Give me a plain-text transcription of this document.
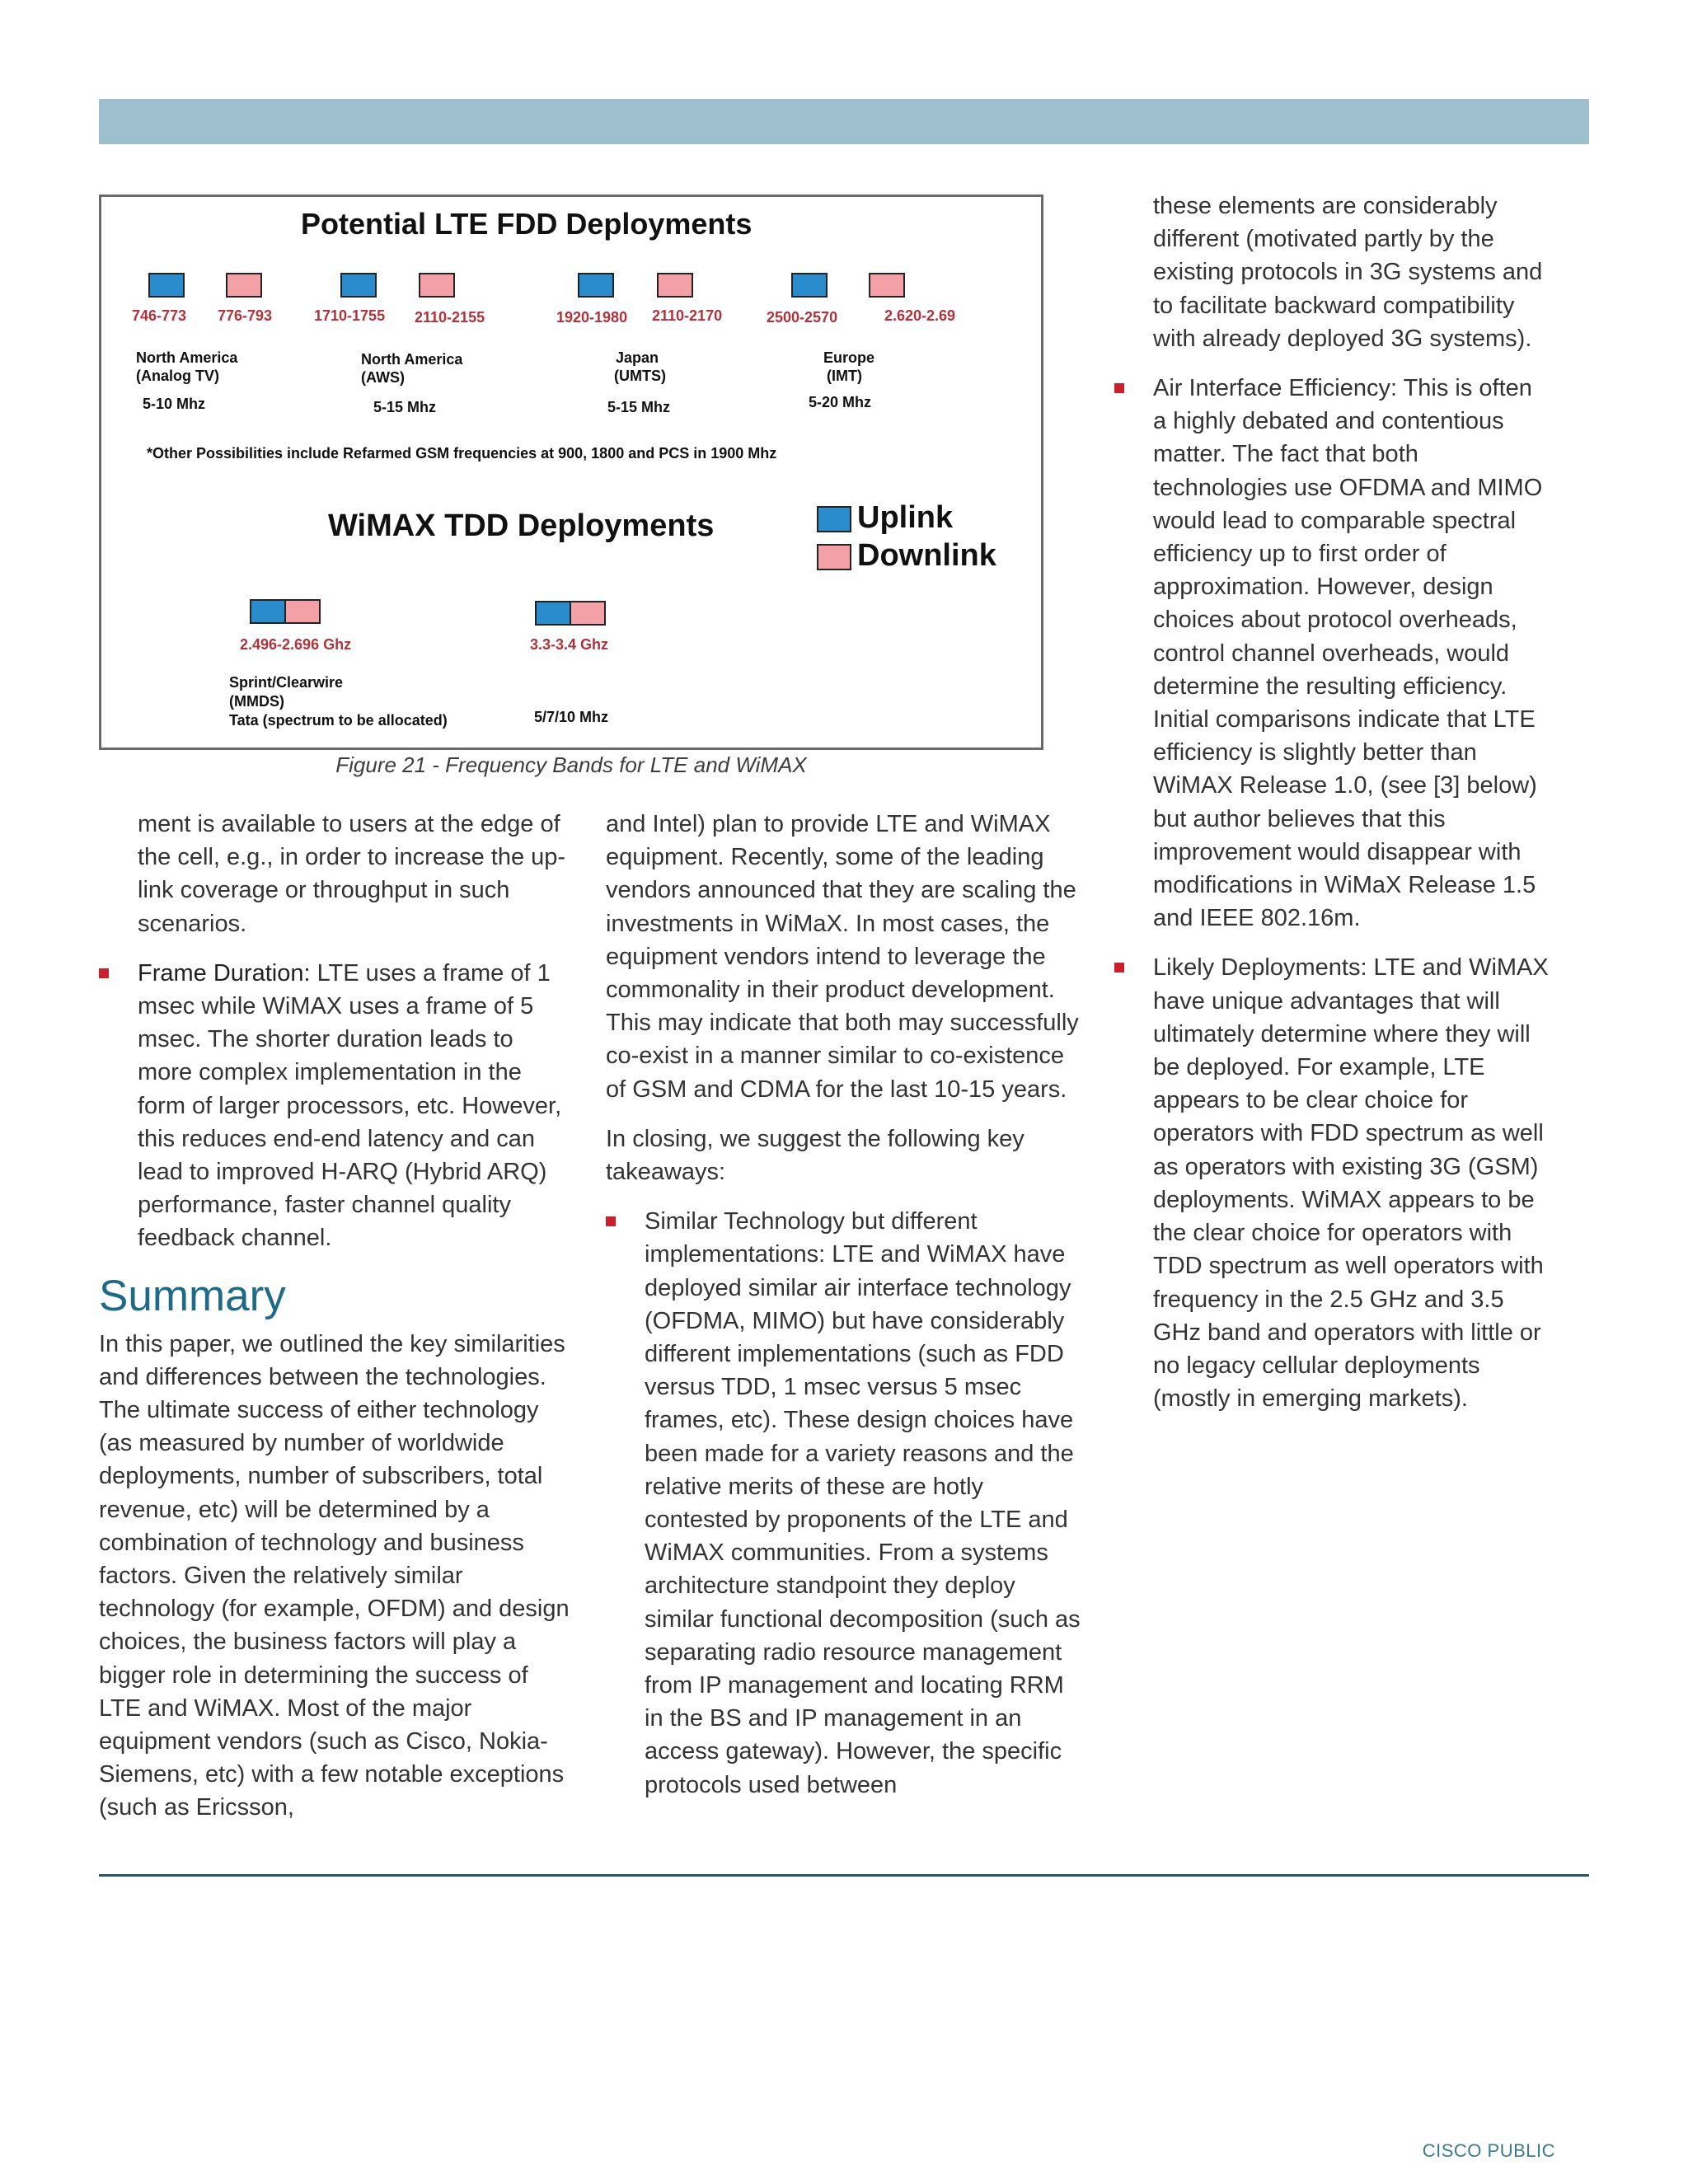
Potential LTE FDD Deployments
746-773 776-793
North America
(Analog TV)
5-10 Mhz
1710-1755 2110-2155
North America
(AWS)
5-15 Mhz
1920-1980 2110-2170
Japan
(UMTS)
5-15 Mhz
2500-2570	2.620-2.69
Europe
(IMT)
5-20 Mhz
*Other Possibilities include Refarmed GSM frequencies at 900, 1800 and PCS in 1900 Mhz
WiMAX TDD Deployments	Uplink
Downlink
2.496-2.696 Ghz
Sprint/Clearwire
(MMDS)
Tata (spectrum to be allocated)
3.3-3.4 Ghz
5/7/10 Mhz
Figure 21 - Frequency Bands for LTE and WiMAX

ment is available to users at the edge of the cell, e.g., in order to increase the up-link coverage or throughput in such scenarios.

Frame Duration: LTE uses a frame of 1 msec while WiMAX uses a frame of 5 msec. The shorter duration leads to more complex implementation in the form of larger processors, etc. However, this reduces end-end latency and can lead to improved H-ARQ (Hybrid ARQ) performance, faster channel quality feedback channel.
Summary

In this paper, we outlined the key similarities and differences between the technologies. The ultimate success of either technology (as measured by number of worldwide deployments, number of subscribers, total revenue, etc) will be determined by a combination of technology and business factors. Given the relatively similar technology (for example, OFDM) and design choices, the business factors will play a bigger role in determining the success of LTE and WiMAX. Most of the major equipment vendors (such as Cisco, Nokia-Siemens, etc) with a few notable exceptions (such as Ericsson,

and Intel) plan to provide LTE and WiMAX equipment. Recently, some of the leading vendors announced that they are scaling the investments in WiMaX. In most cases, the equipment vendors intend to leverage the commonality in their product development. This may indicate that both may successfully co-exist in a manner similar to co-existence of GSM and CDMA for the last 10-15 years.

In closing, we suggest the following key takeaways:

Similar Technology but different implementations: LTE and WiMAX have deployed similar air interface technology (OFDMA, MIMO) but have considerably different implementations (such as FDD versus TDD, 1 msec versus 5 msec frames, etc). These design choices have been made for a variety reasons and the relative merits of these are hotly contested by proponents of the LTE and WiMAX communities. From a systems architecture standpoint they deploy similar functional decomposition (such as separating radio resource management from IP management and locating RRM in the BS and IP management in an access gateway). However, the specific protocols used between

these elements are considerably different (motivated partly by the existing protocols in 3G systems and to facilitate backward compatibility with already deployed 3G systems).

Air Interface Efficiency: This is often a highly debated and contentious matter. The fact that both technologies use OFDMA and MIMO would lead to comparable spectral efficiency up to first order of approximation. However, design choices about protocol overheads, control channel overheads, would determine the resulting efficiency. Initial comparisons indicate that LTE efficiency is slightly better than WiMAX Release 1.0, (see [3] below) but author believes that this improvement would disappear with modifications in WiMaX Release 1.5 and IEEE 802.16m.
Likely Deployments: LTE and WiMAX have unique advantages that will ultimately determine where they will be deployed. For example, LTE appears to be clear choice for operators with FDD spectrum as well as operators with existing 3G (GSM) deployments. WiMAX appears to be the clear choice for operators with TDD spectrum as well operators with frequency in the 2.5 GHz and 3.5 GHz band and operators with little or no legacy cellular deployments (mostly in emerging markets).
CISCO PUBLIC
